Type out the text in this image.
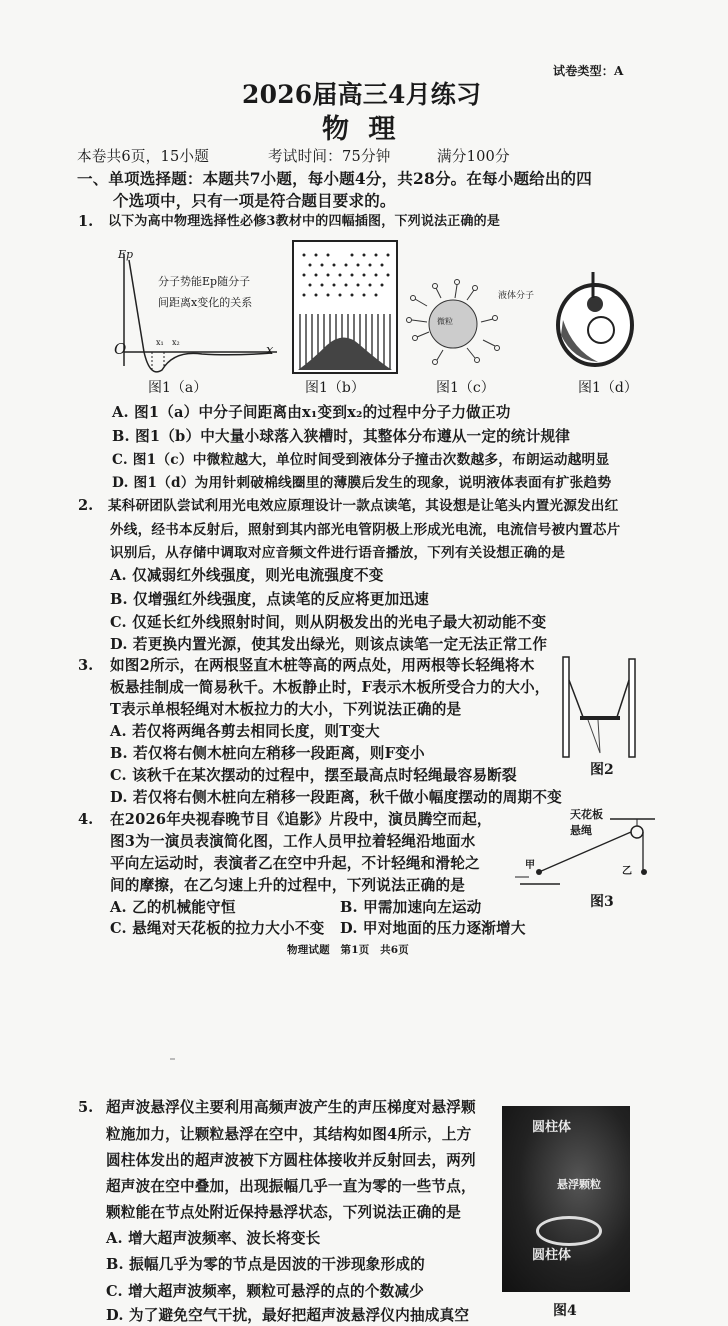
试卷类型：A
2026届高三4月练习
物  理
本卷共6页，15小题	考试时间：75分钟	满分100分
一、单项选择题：本题共7小题，每小题4分，共28分。在每小题给出的四
个选项中，只有一项是符合题目要求的。
1. 以下为高中物理选择性必修3教材中的四幅插图，下列说法正确的是
Ep
O	x
x₁ x₂
分子势能Ep随分子
间距离x变化的关系
图1（a）	图1（b）
微粒
液体分子
图1（c）	图1（d）
A. 图1（a）中分子间距离由x₁变到x₂的过程中分子力做正功
B. 图1（b）中大量小球落入狭槽时，其整体分布遵从一定的统计规律
C. 图1（c）中微粒越大，单位时间受到液体分子撞击次数越多，布朗运动越明显
D. 图1（d）为用针刺破棉线圈里的薄膜后发生的现象，说明液体表面有扩张趋势
2. 某科研团队尝试利用光电效应原理设计一款点读笔，其设想是让笔头内置光源发出红
外线，经书本反射后，照射到其内部光电管阴极上形成光电流，电流信号被内置芯片
识别后，从存储中调取对应音频文件进行语音播放，下列有关设想正确的是
A. 仅减弱红外线强度，则光电流强度不变
B. 仅增强红外线强度，点读笔的反应将更加迅速
C. 仅延长红外线照射时间，则从阴极发出的光电子最大初动能不变
D. 若更换内置光源，使其发出绿光，则该点读笔一定无法正常工作
3. 如图2所示，在两根竖直木桩等高的两点处，用两根等长轻绳将木
板悬挂制成一简易秋千。木板静止时，F表示木板所受合力的大小，
T表示单根轻绳对木板拉力的大小，下列说法正确的是
A. 若仅将两绳各剪去相同长度，则T变大
B. 若仅将右侧木桩向左稍移一段距离，则F变小
C. 该秋千在某次摆动的过程中，摆至最高点时轻绳最容易断裂
D. 若仅将右侧木桩向左稍移一段距离，秋千做小幅度摆动的周期不变
图2
4. 在2026年央视春晚节目《追影》片段中，演员腾空而起，
图3为一演员表演简化图，工作人员甲拉着轻绳沿地面水
平向左运动时，表演者乙在空中升起，不计轻绳和滑轮之
间的摩擦，在乙匀速上升的过程中，下列说法正确的是
A. 乙的机械能守恒	B. 甲需加速向左运动
C. 悬绳对天花板的拉力大小不变 D. 甲对地面的压力逐渐增大
天花板
悬绳
甲
乙
图3
物理试题　第1页　共6页
5. 超声波悬浮仪主要利用高频声波产生的声压梯度对悬浮颗
粒施加力，让颗粒悬浮在空中，其结构如图4所示，上方
圆柱体发出的超声波被下方圆柱体接收并反射回去，两列
超声波在空中叠加，出现振幅几乎一直为零的一些节点，
颗粒能在节点处附近保持悬浮状态，下列说法正确的是
A. 增大超声波频率、波长将变长
B. 振幅几乎为零的节点是因波的干涉现象形成的
C. 增大超声波频率，颗粒可悬浮的点的个数减少
D. 为了避免空气干扰，最好把超声波悬浮仪内抽成真空
圆柱体
悬浮颗粒
圆柱体
图4
